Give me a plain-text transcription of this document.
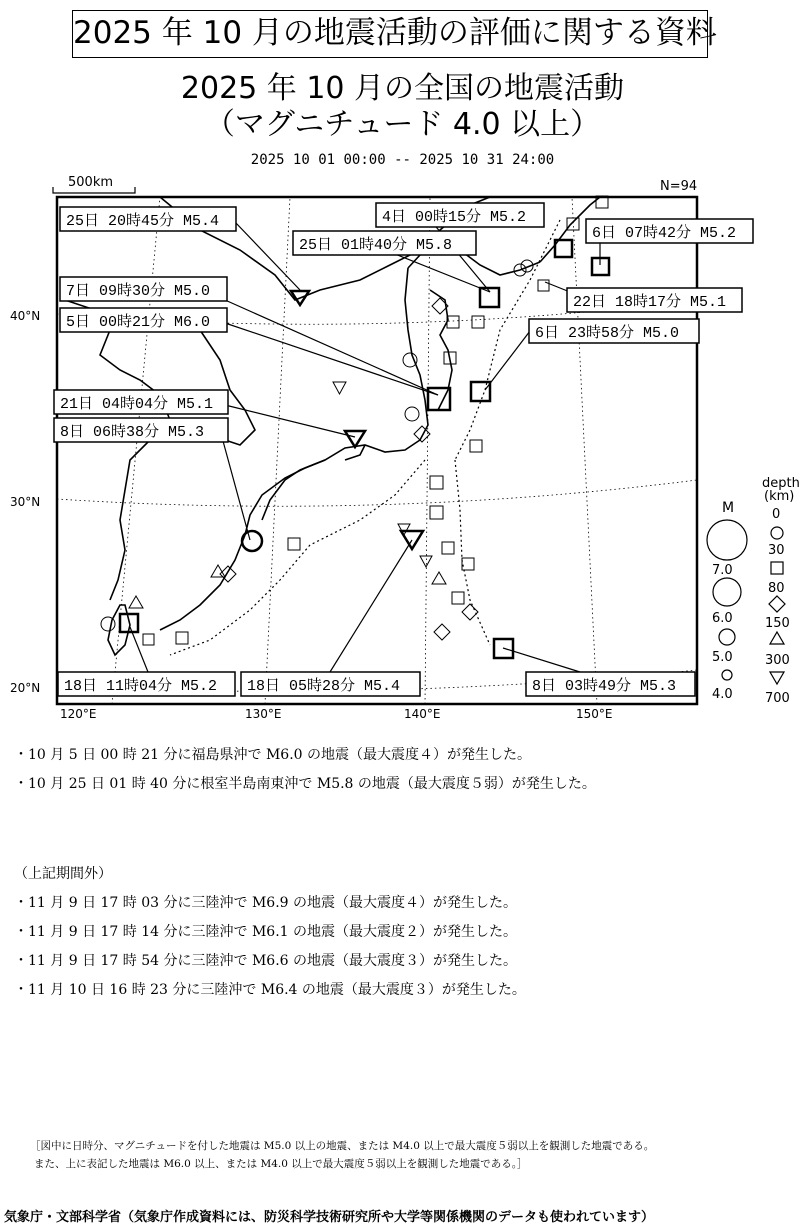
2025 年 10 月の地震活動の評価に関する資料
2025 年 10 月の全国の地震活動
（マグニチュード 4.0 以上）
2025 10 01 00:00 -- 2025 10 31 24:00
500km	N=94
40°N
30°N
20°N
120°E	130°E	140°E	150°E
25日 20時45分 M5.4	4日 00時15分 M5.2
6日 07時42分 M5.2
25日 01時40分 M5.8
7日 09時30分 M5.0
22日 18時17分 M5.1
5日 00時21分 M6.0
6日 23時58分 M5.0
21日 04時04分 M5.1
8日 06時38分 M5.3
18日 11時04分 M5.2 18日 05時28分 M5.4	8日 03時49分 M5.3
M
7.0
6.0
5.0
4.0
depth
(km)
0
30
80
150
300
700
・10 月 5 日 00 時 21 分に福島県沖で M6.0 の地震（最大震度４）が発生した。
・10 月 25 日 01 時 40 分に根室半島南東沖で M5.8 の地震（最大震度５弱）が発生した。
（上記期間外）
・11 月 9 日 17 時 03 分に三陸沖で M6.9 の地震（最大震度４）が発生した。
・11 月 9 日 17 時 14 分に三陸沖で M6.1 の地震（最大震度２）が発生した。
・11 月 9 日 17 時 54 分に三陸沖で M6.6 の地震（最大震度３）が発生した。
・11 月 10 日 16 時 23 分に三陸沖で M6.4 の地震（最大震度３）が発生した。
［図中に日時分、マグニチュードを付した地震は M5.0 以上の地震、または M4.0 以上で最大震度５弱以上を観測した地震である。
また、上に表記した地震は M6.0 以上、または M4.0 以上で最大震度５弱以上を観測した地震である。］
気象庁・文部科学省（気象庁作成資料には、防災科学技術研究所や大学等関係機関のデータも使われています）
